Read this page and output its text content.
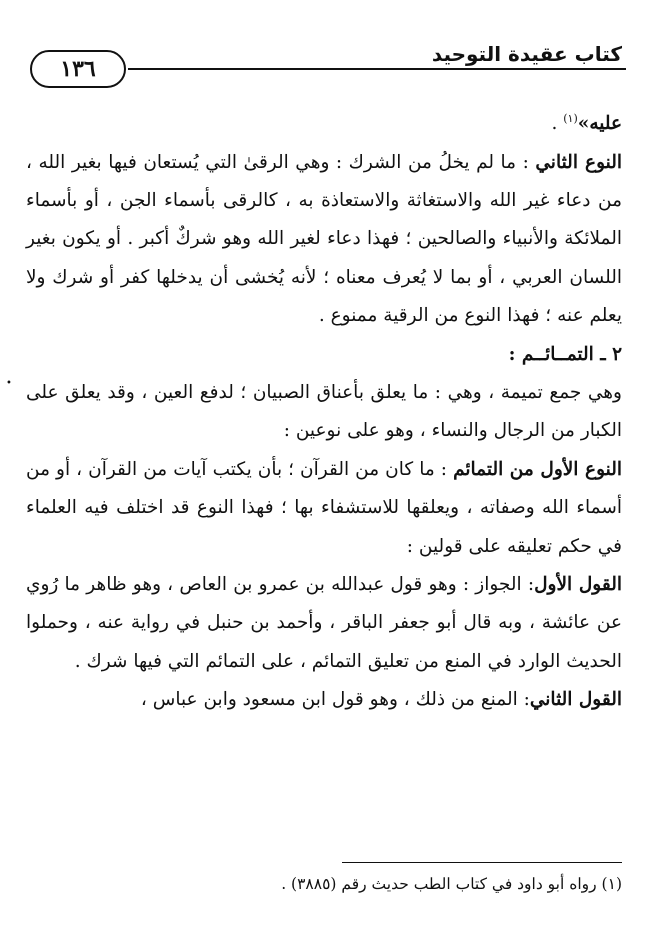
كتاب عقيدة التوحيد
١٣٦

عليه»$^{(١)}$ .

النوع الثاني : ما لم يخلُ من الشرك : وهي الرقىٰ التي يُستعان فيها بغير الله ، من دعاء غير الله والاستغاثة والاستعاذة به ، كالرقى بأسماء الجن ، أو بأسماء الملائكة والأنبياء والصالحين ؛ فهذا دعاء لغير الله وهو شركٌ أكبر . أو يكون بغير اللسان العربي ، أو بما لا يُعرف معناه ؛ لأنه يُخشى أن يدخلها كفر أو شرك ولا يعلم عنه ؛ فهذا النوع من الرقية ممنوع .

٢ ـ التمــائــم :

وهي جمع تميمة ، وهي : ما يعلق بأعناق الصبيان ؛ لدفع العين ، وقد يعلق على الكبار من الرجال والنساء ، وهو على نوعين :

النوع الأول من التمائم : ما كان من القرآن ؛ بأن يكتب آيات من القرآن ، أو من أسماء الله وصفاته ، ويعلقها للاستشفاء بها ؛ فهذا النوع قد اختلف فيه العلماء في حكم تعليقه على قولين :

القول الأول: الجواز : وهو قول عبدالله بن عمرو بن العاص ، وهو ظاهر ما رُوي عن عائشة ، وبه قال أبو جعفر الباقر ، وأحمد بن حنبل في رواية عنه ، وحملوا الحديث الوارد في المنع من تعليق التمائم ، على التمائم التي فيها شرك .

القول الثاني: المنع من ذلك ، وهو قول ابن مسعود وابن عباس ،

•
(١) رواه أبو داود في كتاب الطب حديث رقم (٣٨٨٥) .
